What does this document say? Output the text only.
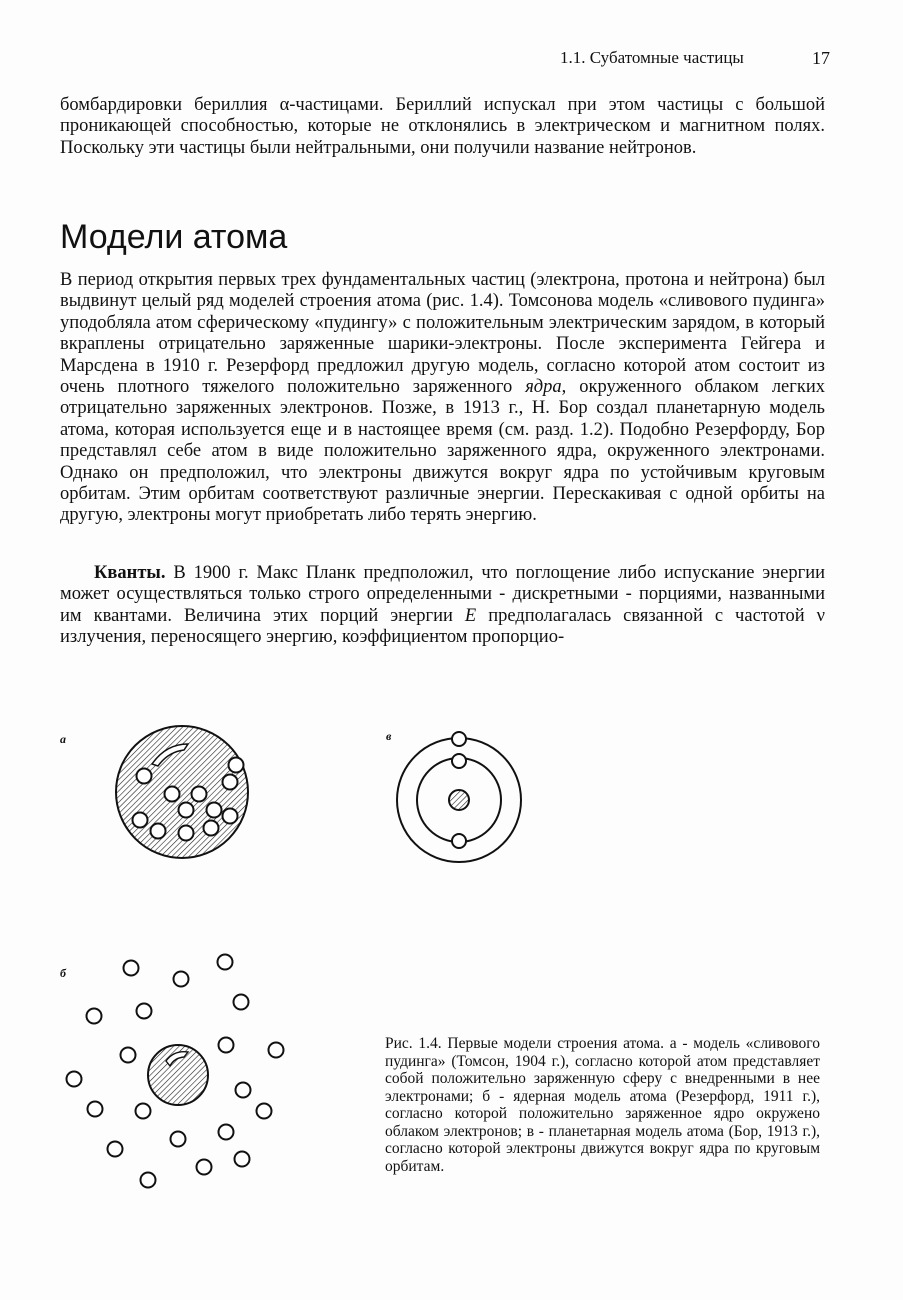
1.1. Субатомные частицы	17

бомбардировки бериллия α-частицами. Бериллий испускал при этом частицы с большой проникающей способностью, которые не отклонялись в электрическом и магнитном полях. Поскольку эти частицы были нейтральными, они получили название нейтронов.

Модели атома

В период открытия первых трех фундаментальных частиц (электрона, протона и нейтрона) был выдвинут целый ряд моделей строения атома (рис. 1.4). Томсонова модель «сливового пудинга» уподобляла атом сферическому «пудингу» с положительным электрическим зарядом, в который вкраплены отрицательно заряженные шарики-электроны. После эксперимента Гейгера и Марсдена в 1910 г. Резерфорд предложил другую модель, согласно которой атом состоит из очень плотного тяжелого положительно заряженного ядра, окруженного облаком легких отрицательно заряженных электронов. Позже, в 1913 г., Н. Бор создал планетарную модель атома, которая используется еще и в настоящее время (см. разд. 1.2). Подобно Резерфорду, Бор представлял себе атом в виде положительно заряженного ядра, окруженного электронами. Однако он предположил, что электроны движутся вокруг ядра по устойчивым круговым орбитам. Этим орбитам соответствуют различные энергии. Перескакивая с одной орбиты на другую, электроны могут приобретать либо терять энергию.

Кванты. В 1900 г. Макс Планк предположил, что поглощение либо испускание энергии может осуществляться только строго определенными - дискретными - порциями, названными им квантами. Величина этих порций энергии E предполагалась связанной с частотой ν излучения, переносящего энергию, коэффициентом пропорцио-

а	в
б

Рис. 1.4. Первые модели строения атома. а - модель «сливового пудинга» (Томсон, 1904 г.), согласно которой атом представляет собой положительно заряженную сферу с внедренными в нее электронами; б - ядерная модель атома (Резерфорд, 1911 г.), согласно которой положительно заряженное ядро окружено облаком электронов; в - планетарная модель атома (Бор, 1913 г.), согласно которой электроны движутся вокруг ядра по круговым орбитам.
